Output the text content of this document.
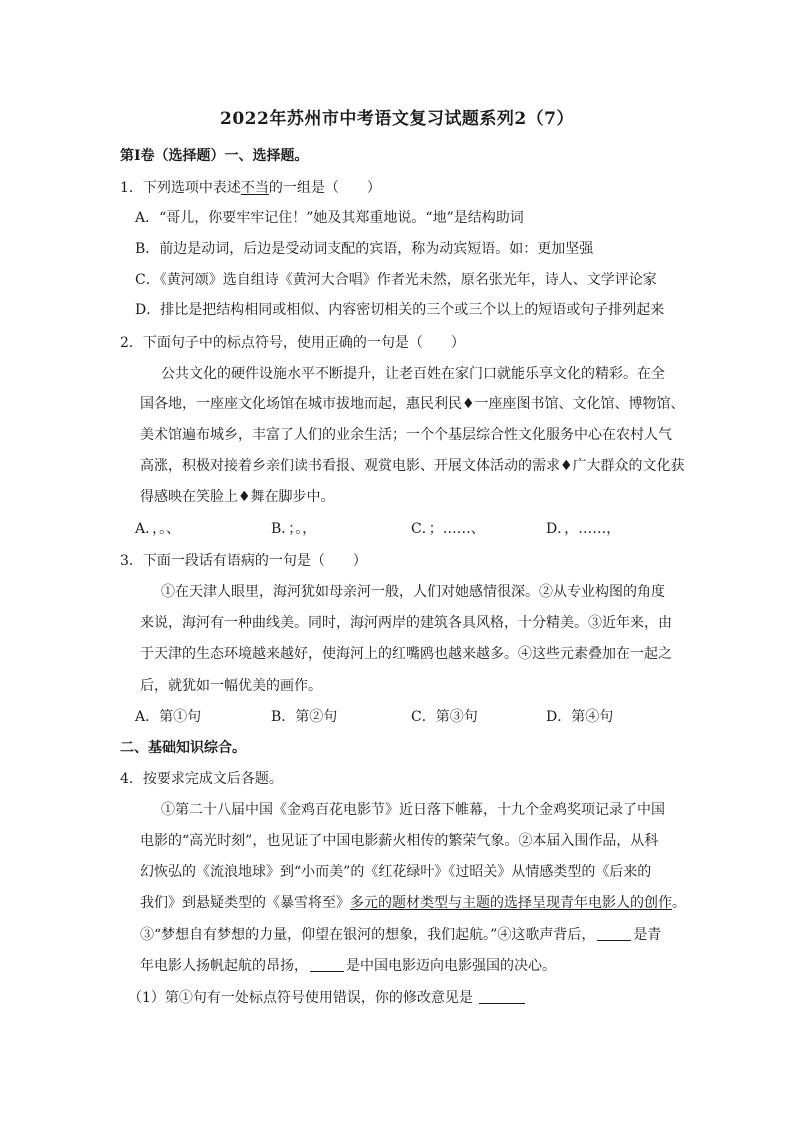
2022年苏州市中考语文复习试题系列2（7）
第Ⅰ卷（选择题）一、选择题。
1．下列选项中表述不当的一组是（　　）
A．“哥儿，你要牢牢记住！”她及其郑重地说。“地”是结构助词
B．前边是动词，后边是受动词支配的宾语，称为动宾短语。如：更加坚强
C．《黄河颂》选自组诗《黄河大合唱》作者光未然，原名张光年，诗人、文学评论家
D．排比是把结构相同或相似、内容密切相关的三个或三个以上的短语或句子排列起来
2．下面句子中的标点符号，使用正确的一句是（　　）
公共文化的硬件设施水平不断提升，让老百姓在家门口就能乐享文化的精彩。在全
国各地，一座座文化场馆在城市拔地而起，惠民利民♦一座座图书馆、文化馆、博物馆、
美术馆遍布城乡，丰富了人们的业余生活；一个个基层综合性文化服务中心在农村人气
高涨，积极对接着乡亲们读书看报、观赏电影、开展文体活动的需求♦广大群众的文化获
得感映在笑脸上♦舞在脚步中。
A．，。、	B．；。，	C．；……、	D．，……，
3．下面一段话有语病的一句是（　　）
①在天津人眼里，海河犹如母亲河一般，人们对她感情很深。②从专业构图的角度
来说，海河有一种曲线美。同时，海河两岸的建筑各具风格，十分精美。③近年来，由
于天津的生态环境越来越好，使海河上的红嘴鸥也越来越多。④这些元素叠加在一起之
后，就犹如一幅优美的画作。
A．第①句	B．第②句	C．第③句	D．第④句
二、基础知识综合。
4．按要求完成文后各题。
①第二十八届中国《金鸡百花电影节》近日落下帷幕，十九个金鸡奖项记录了中国
电影的“高光时刻”，也见证了中国电影薪火相传的繁荣气象。②本届入围作品，从科
幻恢弘的《流浪地球》到“小而美”的《红花绿叶》《过昭关》从情感类型的《后来的
我们》到悬疑类型的《暴雪将至》多元的题材类型与主题的选择呈现青年电影人的创作。
③“梦想自有梦想的力量，仰望在银河的想象，我们起航。”④这歌声背后，	是青
年电影人扬帆起航的昂扬，	是中国电影迈向电影强国的决心。
（1）第①句有一处标点符号使用错误，你的修改意见是
